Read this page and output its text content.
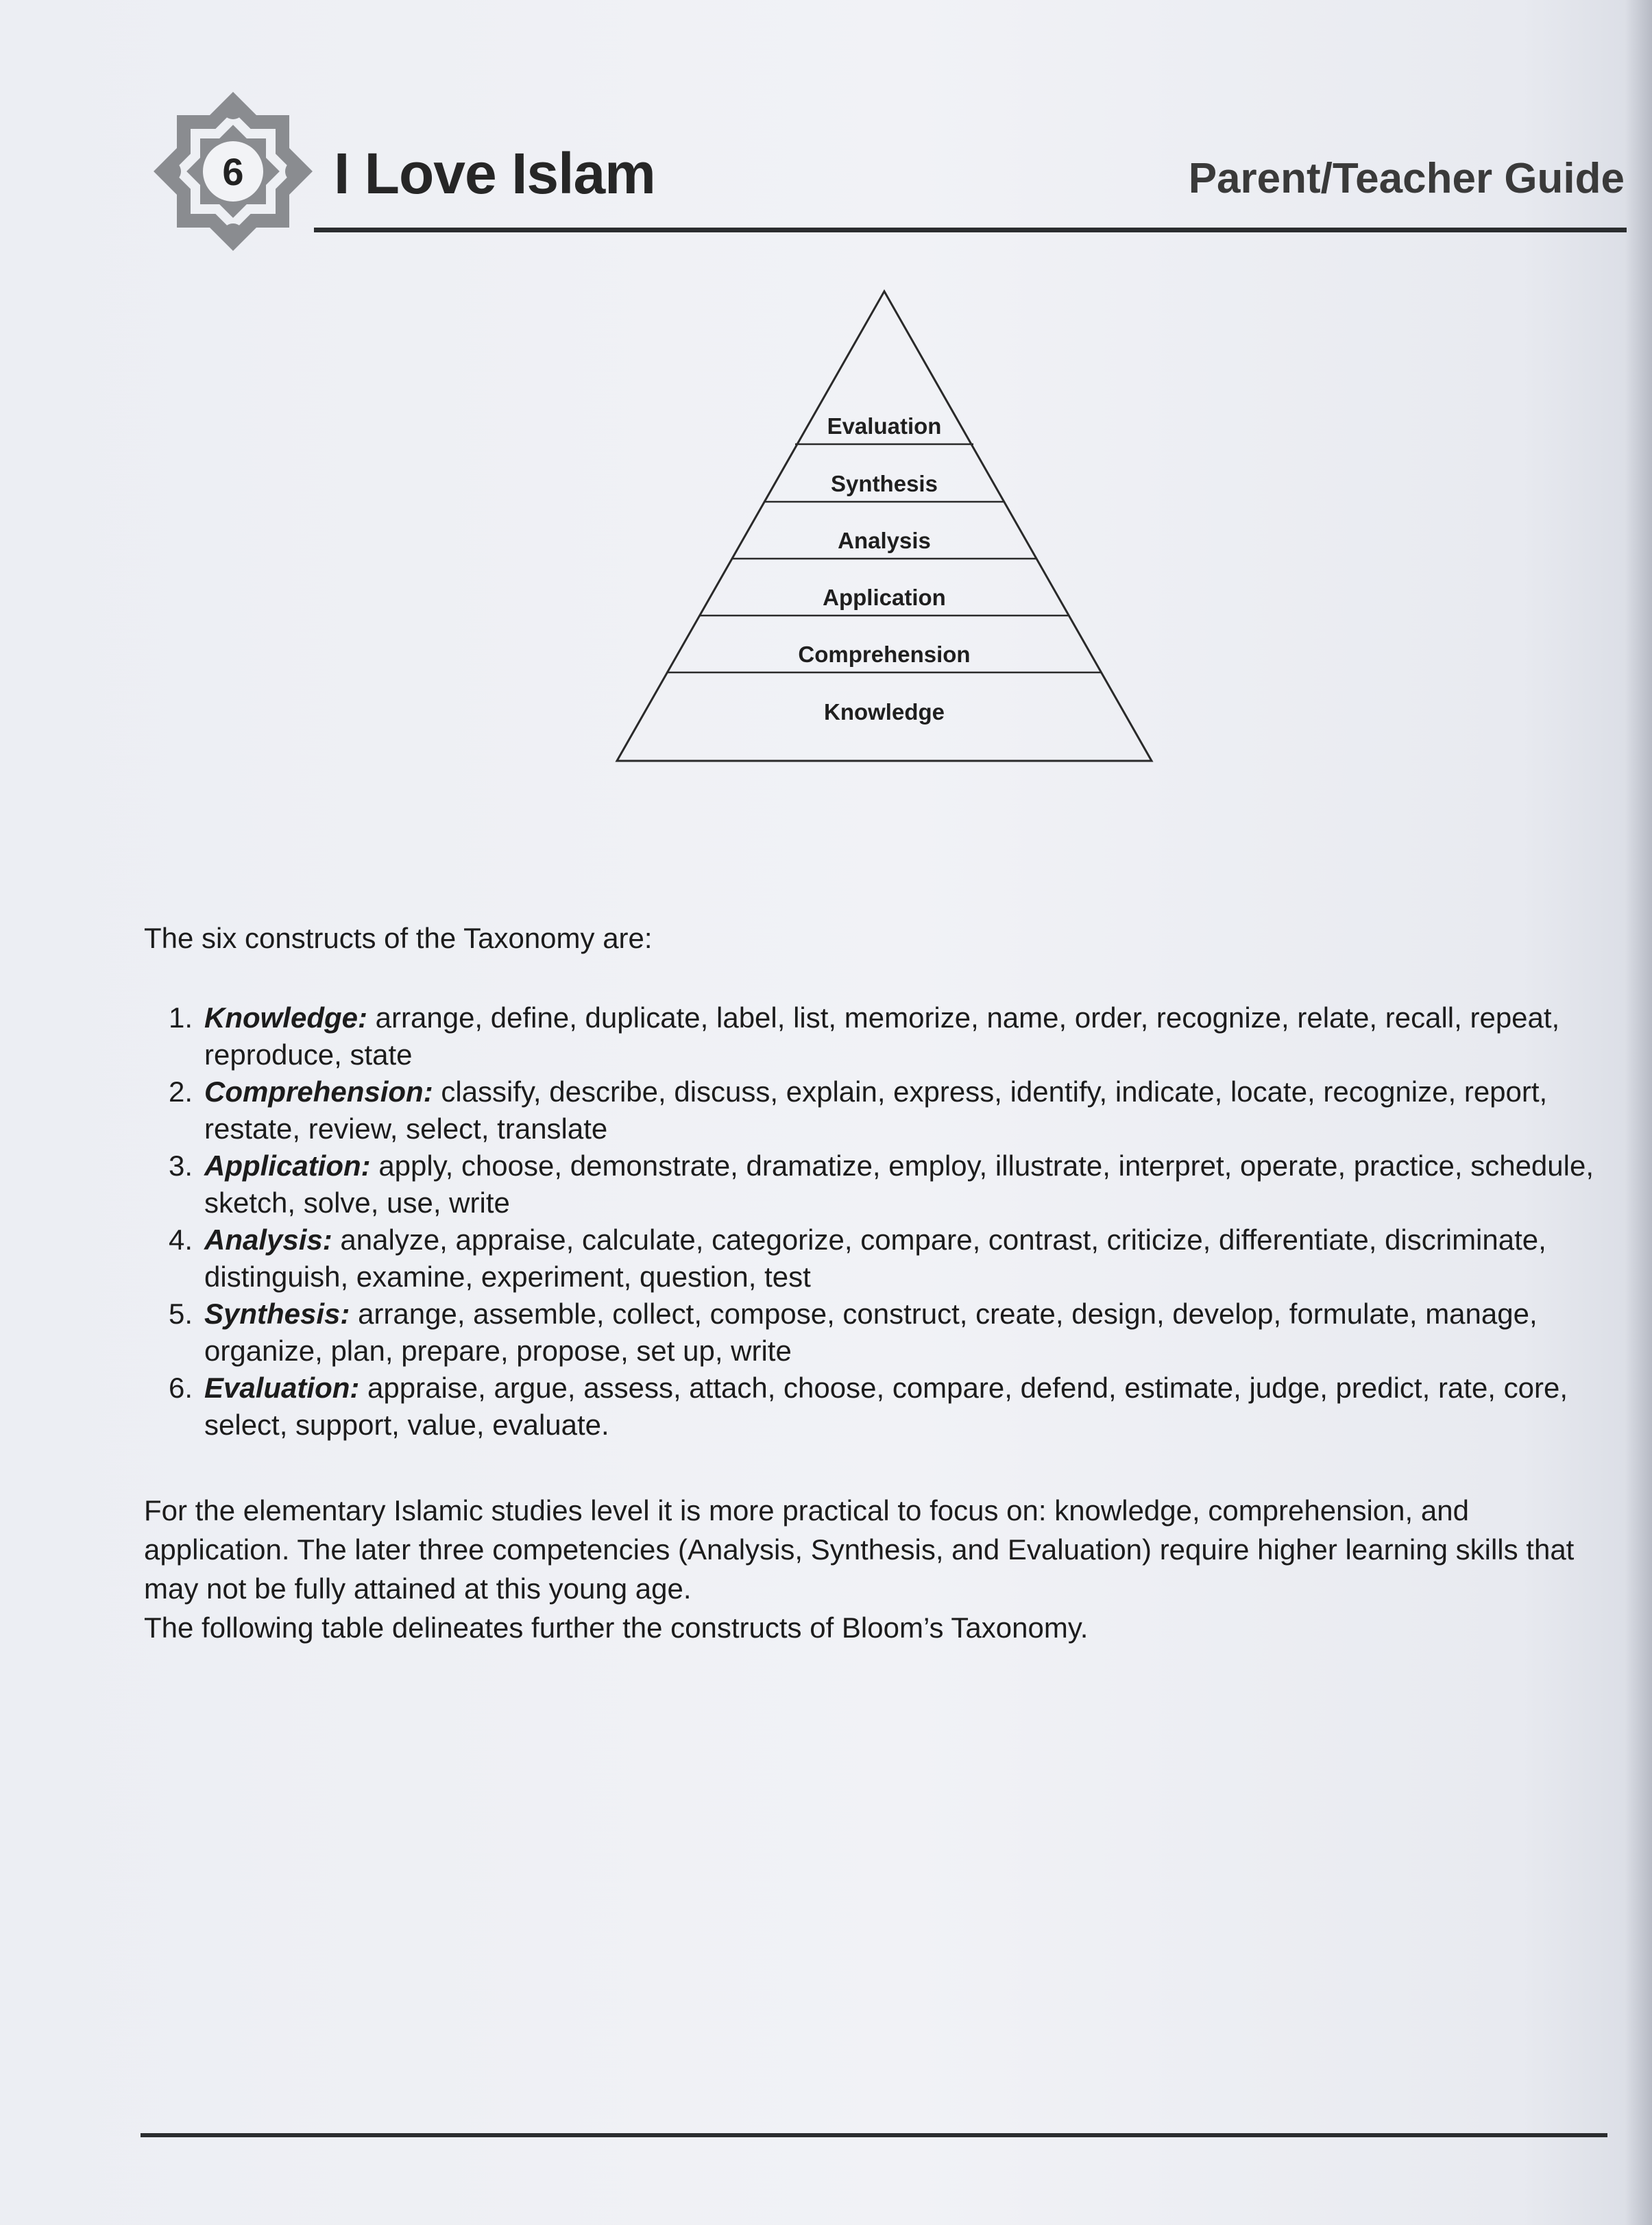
6	I Love Islam	Parent/Teacher Guide
Evaluation
Synthesis
Analysis
Application
Comprehension
Knowledge
The six constructs of the Taxonomy are:
1. Knowledge: arrange, define, duplicate, label, list, memorize, name, order, recognize, relate, recall, repeat, reproduce, state
2. Comprehension: classify, describe, discuss, explain, express, identify, indicate, locate, recognize, report, restate, review, select, translate
3. Application: apply, choose, demonstrate, dramatize, employ, illustrate, interpret, operate, practice, schedule, sketch, solve, use, write
4. Analysis: analyze, appraise, calculate, categorize, compare, contrast, criticize, differentiate, discriminate, distinguish, examine, experiment, question, test
5. Synthesis: arrange, assemble, collect, compose, construct, create, design, develop, formulate, manage, organize, plan, prepare, propose, set up, write
6. Evaluation: appraise, argue, assess, attach, choose, compare, defend, estimate, judge, predict, rate, core, select, support, value, evaluate.

For the elementary Islamic studies level it is more practical to focus on: knowledge, comprehension, and application. The later three competencies (Analysis, Synthesis, and Evaluation) require higher learning skills that may not be fully attained at this young age.

The following table delineates further the constructs of Bloom’s Taxonomy.
